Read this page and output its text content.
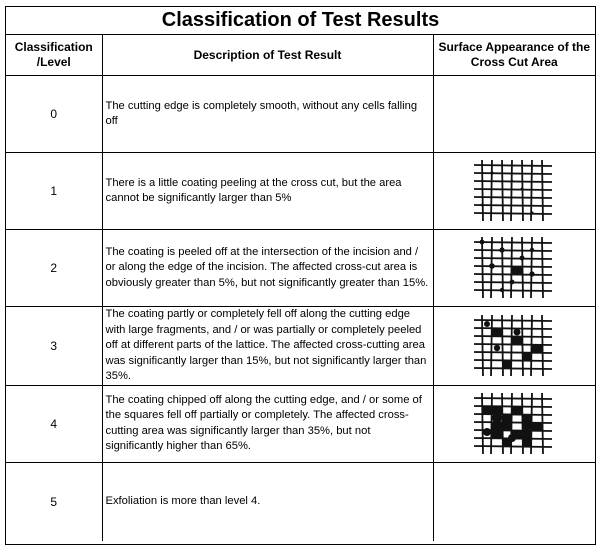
Classification of Test Results
Classification /Level	Description of Test Result	Surface Appearance of the Cross Cut Area
0	The cutting edge is completely smooth, without any cells falling off	
1	There is a little coating peeling at the cross cut, but the area cannot be significantly larger than 5%	

2	The coating is peeled off at the intersection of the incision and / or along the edge of the incision. The affected cross-cut area is obviously greater than 5%, but not significantly greater than 15%.	

3	The coating partly or completely fell off along the cutting edge with large fragments, and / or was partially or completely peeled off at different parts of the lattice. The affected cross-cutting area was significantly larger than 15%, but not significantly larger than 35%.	

4	The coating chipped off along the cutting edge, and / or some of the squares fell off partially or completely. The affected cross-cutting area was significantly larger than 35%, but not significantly higher than 65%.	

5	Exfoliation is more than level 4.	
